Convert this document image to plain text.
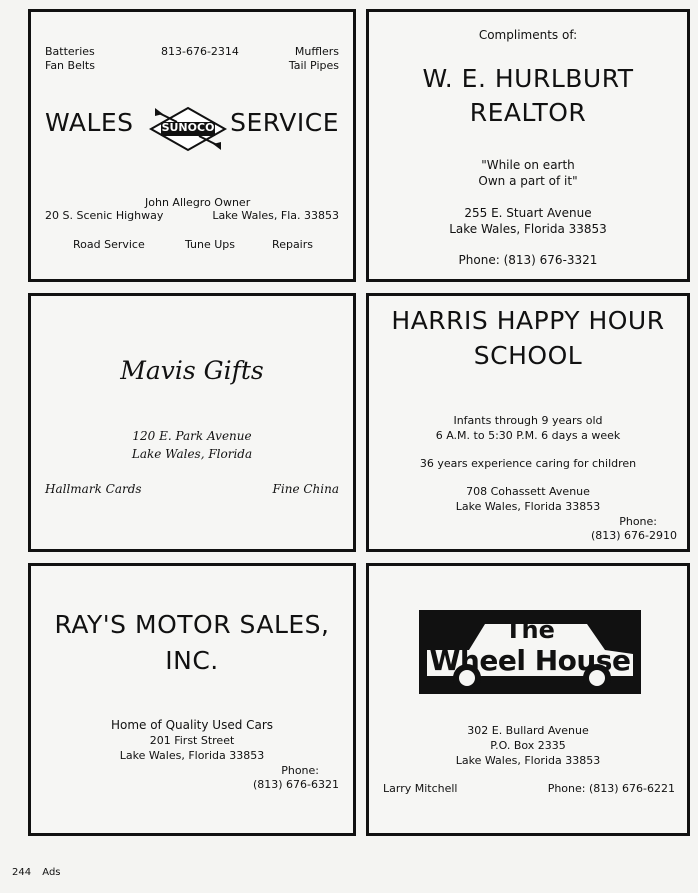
Batteries
Fan Belts
813-676-2314	Mufflers
Tail Pipes
WALES	SUNOCO SERVICE
John Allegro Owner
20 S. Scenic Highway	Lake Wales, Fla. 33853
Road Service	Tune Ups	Repairs
Compliments of:
W. E. HURLBURT
REALTOR
"While on earth
Own a part of it"
255 E. Stuart Avenue
Lake Wales, Florida 33853
Phone: (813) 676-3321
Mavis Gifts
120 E. Park Avenue
Lake Wales, Florida
Hallmark Cards	Fine China
HARRIS HAPPY HOUR
SCHOOL
Infants through 9 years old
6 A.M. to 5:30 P.M. 6 days a week
36 years experience caring for children
708 Cohassett Avenue
Lake Wales, Florida 33853
Phone:
(813) 676-2910
RAY'S MOTOR SALES,
INC.
Home of Quality Used Cars
201 First Street
Lake Wales, Florida 33853
Phone:
(813) 676-6321
The
Wheel House
302 E. Bullard Avenue
P.O. Box 2335
Lake Wales, Florida 33853
Larry Mitchell	Phone: (813) 676-6221
244 Ads
